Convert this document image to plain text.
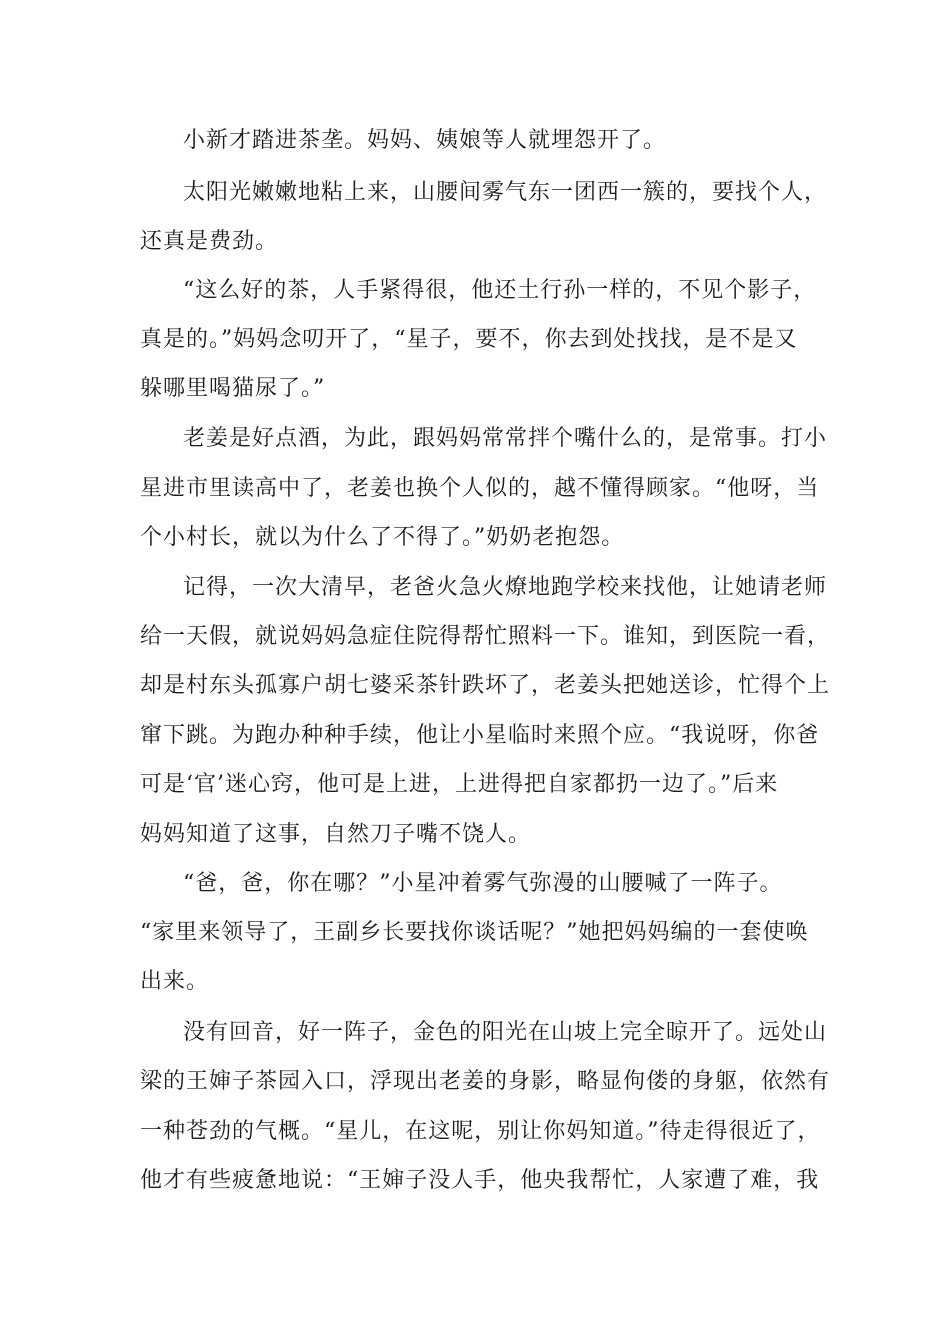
小新才踏进茶垄。妈妈、姨娘等人就埋怨开了。
太阳光嫩嫩地粘上来，山腰间雾气东一团西一簇的，要找个人，
还真是费劲。
“这么好的茶，人手紧得很，他还土行孙一样的，不见个影子，
真是的。”妈妈念叨开了，“星子，要不，你去到处找找，是不是又
躲哪里喝猫尿了。”
老姜是好点酒，为此，跟妈妈常常拌个嘴什么的，是常事。打小
星进市里读高中了，老姜也换个人似的，越不懂得顾家。“他呀，当
个小村长，就以为什么了不得了。”奶奶老抱怨。
记得，一次大清早，老爸火急火燎地跑学校来找他，让她请老师
给一天假，就说妈妈急症住院得帮忙照料一下。谁知，到医院一看，
却是村东头孤寡户胡七婆采茶针跌坏了，老姜头把她送诊，忙得个上
窜下跳。为跑办种种手续，他让小星临时来照个应。“我说呀，你爸
可是‘官’迷心窍，他可是上进，上进得把自家都扔一边了。”后来
妈妈知道了这事，自然刀子嘴不饶人。
“爸，爸，你在哪？”小星冲着雾气弥漫的山腰喊了一阵子。
“家里来领导了，王副乡长要找你谈话呢？”她把妈妈编的一套使唤
出来。
没有回音，好一阵子，金色的阳光在山坡上完全晾开了。远处山
梁的王婶子茶园入口，浮现出老姜的身影，略显佝偻的身躯，依然有
一种苍劲的气概。“星儿，在这呢，别让你妈知道。”待走得很近了，
他才有些疲惫地说：“王婶子没人手，他央我帮忙，人家遭了难，我
